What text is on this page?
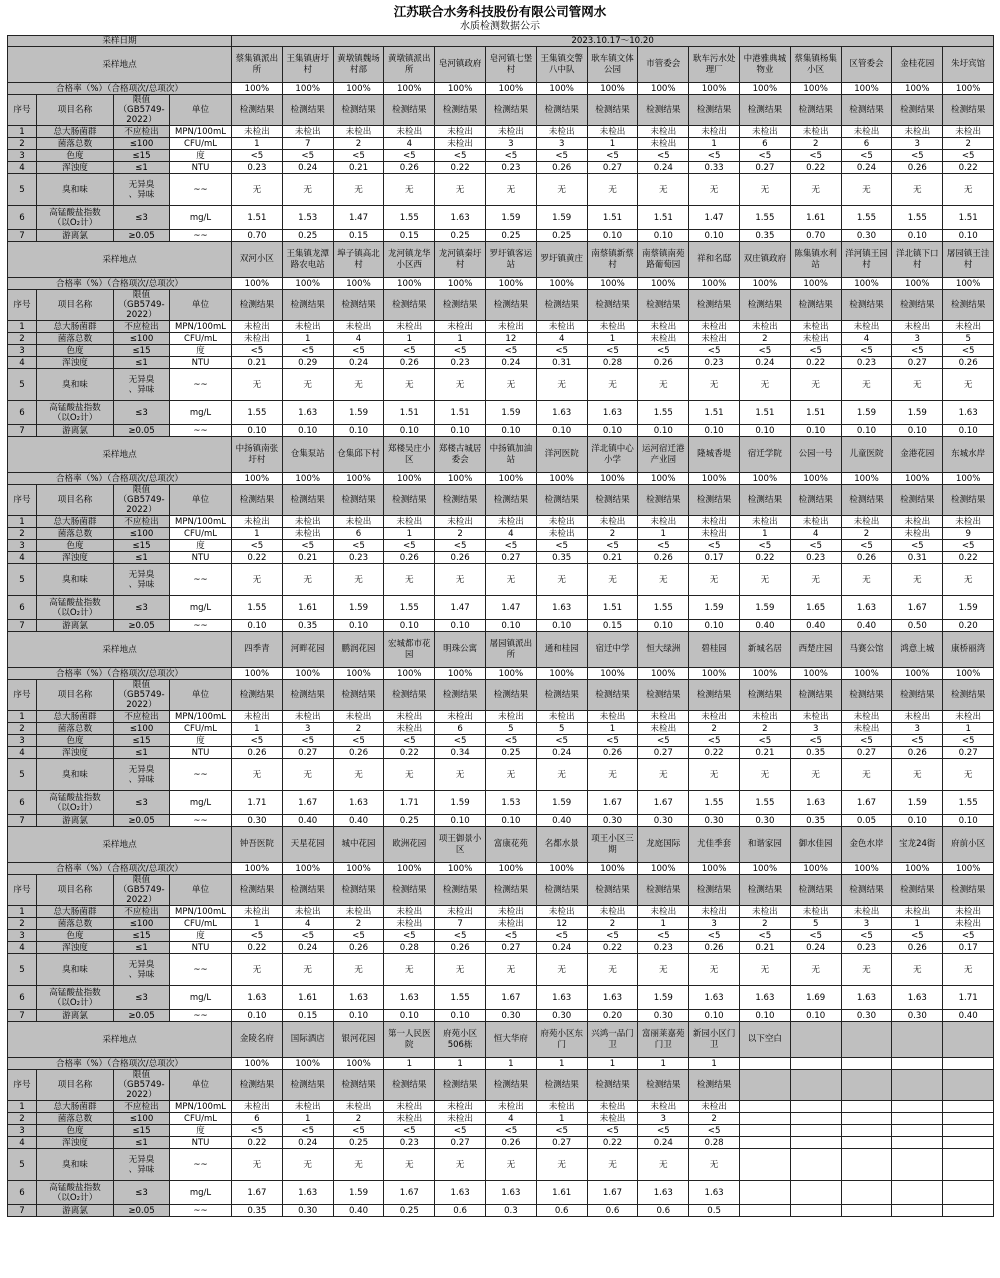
江苏联合水务科技股份有限公司管网水
水质检测数据公示
采样日期				2023.10.17～10.20														
采样地点				蔡集镇派出所	王集镇唐圩村	黄墩镇魏场村部	黄墩镇派出所	皂河镇政府	皂河镇七堡村	王集镇交警八中队	耿车镇文体公园	市管委会	耿车污水处理厂	中港雅典城物业	蔡集镇杨集小区	区管委会	金桂花园	朱圩宾馆
合格率（%）（合格项次/总项次）				100%	100%	100%	100%	100%	100%	100%	100%	100%	100%	100%	100%	100%	100%	100%
序号	项目名称	限值
（GB5749-2022）	单位	检测结果	检测结果	检测结果	检测结果	检测结果	检测结果	检测结果	检测结果	检测结果	检测结果	检测结果	检测结果	检测结果	检测结果	检测结果
1	总大肠菌群	不应检出	MPN/100mL	未检出	未检出	未检出	未检出	未检出	未检出	未检出	未检出	未检出	未检出	未检出	未检出	未检出	未检出	未检出
2	菌落总数	≤100	CFU/mL	1	7	2	4	未检出	3	3	1	未检出	1	6	2	6	3	2
3	色度	≤15	度	<5	<5	<5	<5	<5	<5	<5	<5	<5	<5	<5	<5	<5	<5	<5
4	浑浊度	≤1	NTU	0.23	0.24	0.21	0.26	0.22	0.23	0.26	0.27	0.24	0.33	0.27	0.22	0.24	0.26	0.22
5	臭和味	无异臭
、异味	~~	无	无	无	无	无	无	无	无	无	无	无	无	无	无	无
6	高锰酸盐指数
（以O₂计）	≤3	mg/L	1.51	1.53	1.47	1.55	1.63	1.59	1.59	1.51	1.51	1.47	1.55	1.61	1.55	1.55	1.51
7	游离氯	≥0.05	~~	0.70	0.25	0.15	0.15	0.25	0.25	0.25	0.10	0.10	0.10	0.35	0.70	0.30	0.10	0.10
采样地点				双河小区	王集镇龙潭路农电站	埠子镇高北村	龙河镇龙华小区西	龙河镇秦圩村	罗圩镇客运站	罗圩镇黄庄	南蔡镇新蔡村	南蔡镇南苑路葡萄园	祥和名邸	双庄镇政府	陈集镇水利站	洋河镇王园村	洋北镇下口村	屠园镇王洼村
合格率（%）（合格项次/总项次）				100%	100%	100%	100%	100%	100%	100%	100%	100%	100%	100%	100%	100%	100%	100%
序号	项目名称	限值
（GB5749-2022）	单位	检测结果	检测结果	检测结果	检测结果	检测结果	检测结果	检测结果	检测结果	检测结果	检测结果	检测结果	检测结果	检测结果	检测结果	检测结果
1	总大肠菌群	不应检出	MPN/100mL	未检出	未检出	未检出	未检出	未检出	未检出	未检出	未检出	未检出	未检出	未检出	未检出	未检出	未检出	未检出
2	菌落总数	≤100	CFU/mL	未检出	1	4	1	1	12	4	1	未检出	未检出	2	未检出	4	3	5
3	色度	≤15	度	<5	<5	<5	<5	<5	<5	<5	<5	<5	<5	<5	<5	<5	<5	<5
4	浑浊度	≤1	NTU	0.21	0.29	0.24	0.26	0.23	0.24	0.31	0.28	0.26	0.23	0.24	0.22	0.23	0.27	0.26
5	臭和味	无异臭
、异味	~~	无	无	无	无	无	无	无	无	无	无	无	无	无	无	无
6	高锰酸盐指数
（以O₂计）	≤3	mg/L	1.55	1.63	1.59	1.51	1.51	1.59	1.63	1.63	1.55	1.51	1.51	1.51	1.59	1.59	1.63
7	游离氯	≥0.05	~~	0.10	0.10	0.10	0.10	0.10	0.10	0.10	0.10	0.10	0.10	0.10	0.10	0.10	0.10	0.10
采样地点				中扬镇南张圩村	仓集泵站	仓集邱下村	郑楼吴庄小区	郑楼古城居委会	中扬镇加油站	洋河医院	洋北镇中心小学	运河宿迁港产业园	隆城香堤	宿迁学院	公园一号	儿童医院	金港花园	东城水岸
合格率（%）（合格项次/总项次）				100%	100%	100%	100%	100%	100%	100%	100%	100%	100%	100%	100%	100%	100%	100%
序号	项目名称	限值
（GB5749-2022）	单位	检测结果	检测结果	检测结果	检测结果	检测结果	检测结果	检测结果	检测结果	检测结果	检测结果	检测结果	检测结果	检测结果	检测结果	检测结果
1	总大肠菌群	不应检出	MPN/100mL	未检出	未检出	未检出	未检出	未检出	未检出	未检出	未检出	未检出	未检出	未检出	未检出	未检出	未检出	未检出
2	菌落总数	≤100	CFU/mL	1	未检出	6	1	2	4	未检出	2	1	未检出	1	4	2	未检出	9
3	色度	≤15	度	<5	<5	<5	<5	<5	<5	<5	<5	<5	<5	<5	<5	<5	<5	<5
4	浑浊度	≤1	NTU	0.22	0.21	0.23	0.26	0.26	0.27	0.35	0.21	0.26	0.17	0.22	0.23	0.26	0.31	0.22
5	臭和味	无异臭
、异味	~~	无	无	无	无	无	无	无	无	无	无	无	无	无	无	无
6	高锰酸盐指数
（以O₂计）	≤3	mg/L	1.55	1.61	1.59	1.55	1.47	1.47	1.63	1.51	1.55	1.59	1.59	1.65	1.63	1.67	1.59
7	游离氯	≥0.05	~~	0.10	0.35	0.10	0.10	0.10	0.10	0.10	0.15	0.10	0.10	0.40	0.40	0.40	0.50	0.20
采样地点				四季青	河畔花园	鹏润花园	宏城都市花园	明珠公寓	屠园镇派出所	通和桂园	宿迁中学	恒大绿洲	碧桂园	新城名居	西楚庄园	马赛公馆	鸿意上城	康桥丽湾
合格率（%）（合格项次/总项次）				100%	100%	100%	100%	100%	100%	100%	100%	100%	100%	100%	100%	100%	100%	100%
序号	项目名称	限值
（GB5749-2022）	单位	检测结果	检测结果	检测结果	检测结果	检测结果	检测结果	检测结果	检测结果	检测结果	检测结果	检测结果	检测结果	检测结果	检测结果	检测结果
1	总大肠菌群	不应检出	MPN/100mL	未检出	未检出	未检出	未检出	未检出	未检出	未检出	未检出	未检出	未检出	未检出	未检出	未检出	未检出	未检出
2	菌落总数	≤100	CFU/mL	1	3	2	未检出	6	5	5	1	未检出	2	2	3	未检出	3	1
3	色度	≤15	度	<5	<5	<5	<5	<5	<5	<5	<5	<5	<5	<5	<5	<5	<5	<5
4	浑浊度	≤1	NTU	0.26	0.27	0.26	0.22	0.34	0.25	0.24	0.26	0.27	0.22	0.21	0.35	0.27	0.26	0.27
5	臭和味	无异臭
、异味	~~	无	无	无	无	无	无	无	无	无	无	无	无	无	无	无
6	高锰酸盐指数
（以O₂计）	≤3	mg/L	1.71	1.67	1.63	1.71	1.59	1.53	1.59	1.67	1.67	1.55	1.55	1.63	1.67	1.59	1.55
7	游离氯	≥0.05	~~	0.30	0.40	0.40	0.25	0.10	0.10	0.40	0.30	0.30	0.30	0.30	0.35	0.05	0.10	0.10
采样地点				钟吾医院	天星花园	城中花园	欧洲花园	项王御景小区	富康花苑	名都水景	项王小区三期	龙庭国际	尤佳季套	和谐家园	御水佳园	金色水岸	宝龙24街	府前小区
合格率（%）（合格项次/总项次）				100%	100%	100%	100%	100%	100%	100%	100%	100%	100%	100%	100%	100%	100%	100%
序号	项目名称	限值
（GB5749-2022）	单位	检测结果	检测结果	检测结果	检测结果	检测结果	检测结果	检测结果	检测结果	检测结果	检测结果	检测结果	检测结果	检测结果	检测结果	检测结果
1	总大肠菌群	不应检出	MPN/100mL	未检出	未检出	未检出	未检出	未检出	未检出	未检出	未检出	未检出	未检出	未检出	未检出	未检出	未检出	未检出
2	菌落总数	≤100	CFU/mL	1	4	2	未检出	7	未检出	12	2	1	3	2	5	3	1	未检出
3	色度	≤15	度	<5	<5	<5	<5	<5	<5	<5	<5	<5	<5	<5	<5	<5	<5	<5
4	浑浊度	≤1	NTU	0.22	0.24	0.26	0.28	0.26	0.27	0.24	0.22	0.23	0.26	0.21	0.24	0.23	0.26	0.17
5	臭和味	无异臭
、异味	~~	无	无	无	无	无	无	无	无	无	无	无	无	无	无	无
6	高锰酸盐指数
（以O₂计）	≤3	mg/L	1.63	1.61	1.63	1.63	1.55	1.67	1.63	1.63	1.59	1.63	1.63	1.69	1.63	1.63	1.71
7	游离氯	≥0.05	~~	0.10	0.15	0.10	0.10	0.10	0.30	0.30	0.20	0.30	0.10	0.10	0.10	0.30	0.30	0.40
采样地点				金陵名府	国际酒店	银河花园	第一人民医院	府苑小区506栋	恒大华府	府苑小区东门	兴鸿一品门卫	富丽莱嘉苑门卫	新园小区门卫	以下空白				
合格率（%）（合格项次/总项次）				100%	100%	100%	1	1	1	1	1	1	1					
序号	项目名称	限值
（GB5749-2022）	单位	检测结果	检测结果	检测结果	检测结果	检测结果	检测结果	检测结果	检测结果	检测结果	检测结果					
1	总大肠菌群	不应检出	MPN/100mL	未检出	未检出	未检出	未检出	未检出	未检出	未检出	未检出	未检出	未检出					
2	菌落总数	≤100	CFU/mL	6	1	2	未检出	未检出	4	1	未检出	3	2					
3	色度	≤15	度	<5	<5	<5	<5	<5	<5	<5	<5	<5	<5					
4	浑浊度	≤1	NTU	0.22	0.24	0.25	0.23	0.27	0.26	0.27	0.22	0.24	0.28					
5	臭和味	无异臭
、异味	~~	无	无	无	无	无	无	无	无	无	无					
6	高锰酸盐指数
（以O₂计）	≤3	mg/L	1.67	1.63	1.59	1.67	1.63	1.63	1.61	1.67	1.63	1.63					
7	游离氯	≥0.05	~~	0.35	0.30	0.40	0.25	0.6	0.3	0.6	0.6	0.6	0.5					
